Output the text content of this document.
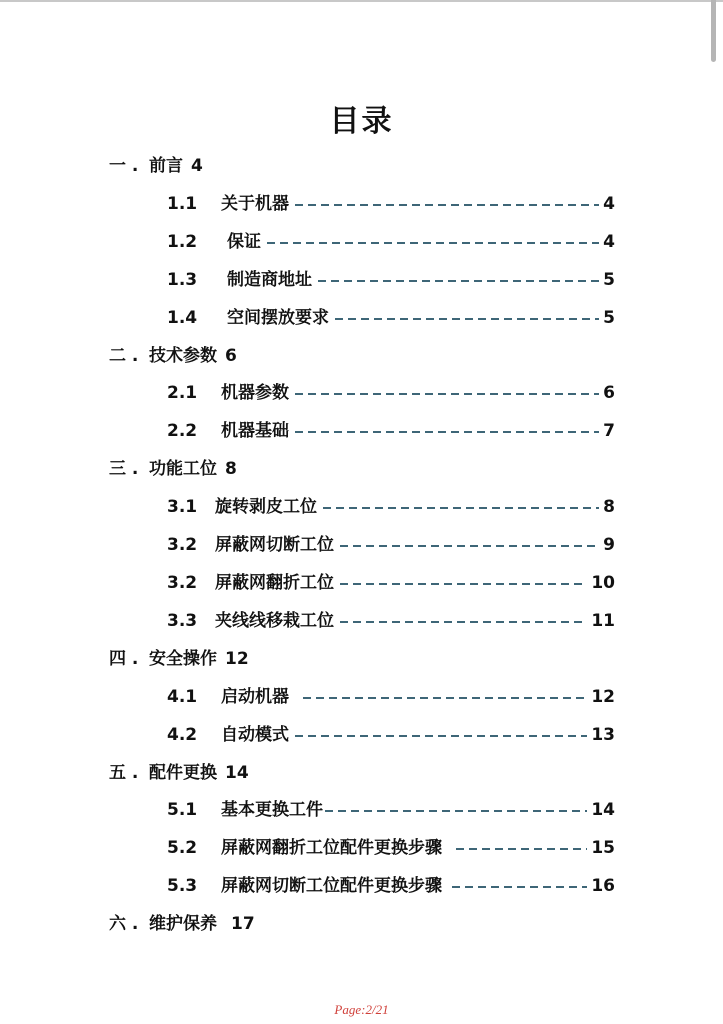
目录
一 . 前言 4
1.1	关于机器	4
1.2	保证	4
1.3	制造商地址	5
1.4	空间摆放要求	5
二 . 技术参数 6
2.1	机器参数	6
2.2	机器基础	7
三 . 功能工位 8
3.1	旋转剥皮工位	8
3.2	屏蔽网切断工位	9
3.2	屏蔽网翻折工位	10
3.3	夹线线移栽工位	11
四 . 安全操作 12
4.1	启动机器	12
4.2	自动模式	13
五 . 配件更换 14
5.1	基本更换工件	14
5.2	屏蔽网翻折工位配件更换步骤	15
5.3	屏蔽网切断工位配件更换步骤	16
六 . 维护保养 17
Page:2/21
